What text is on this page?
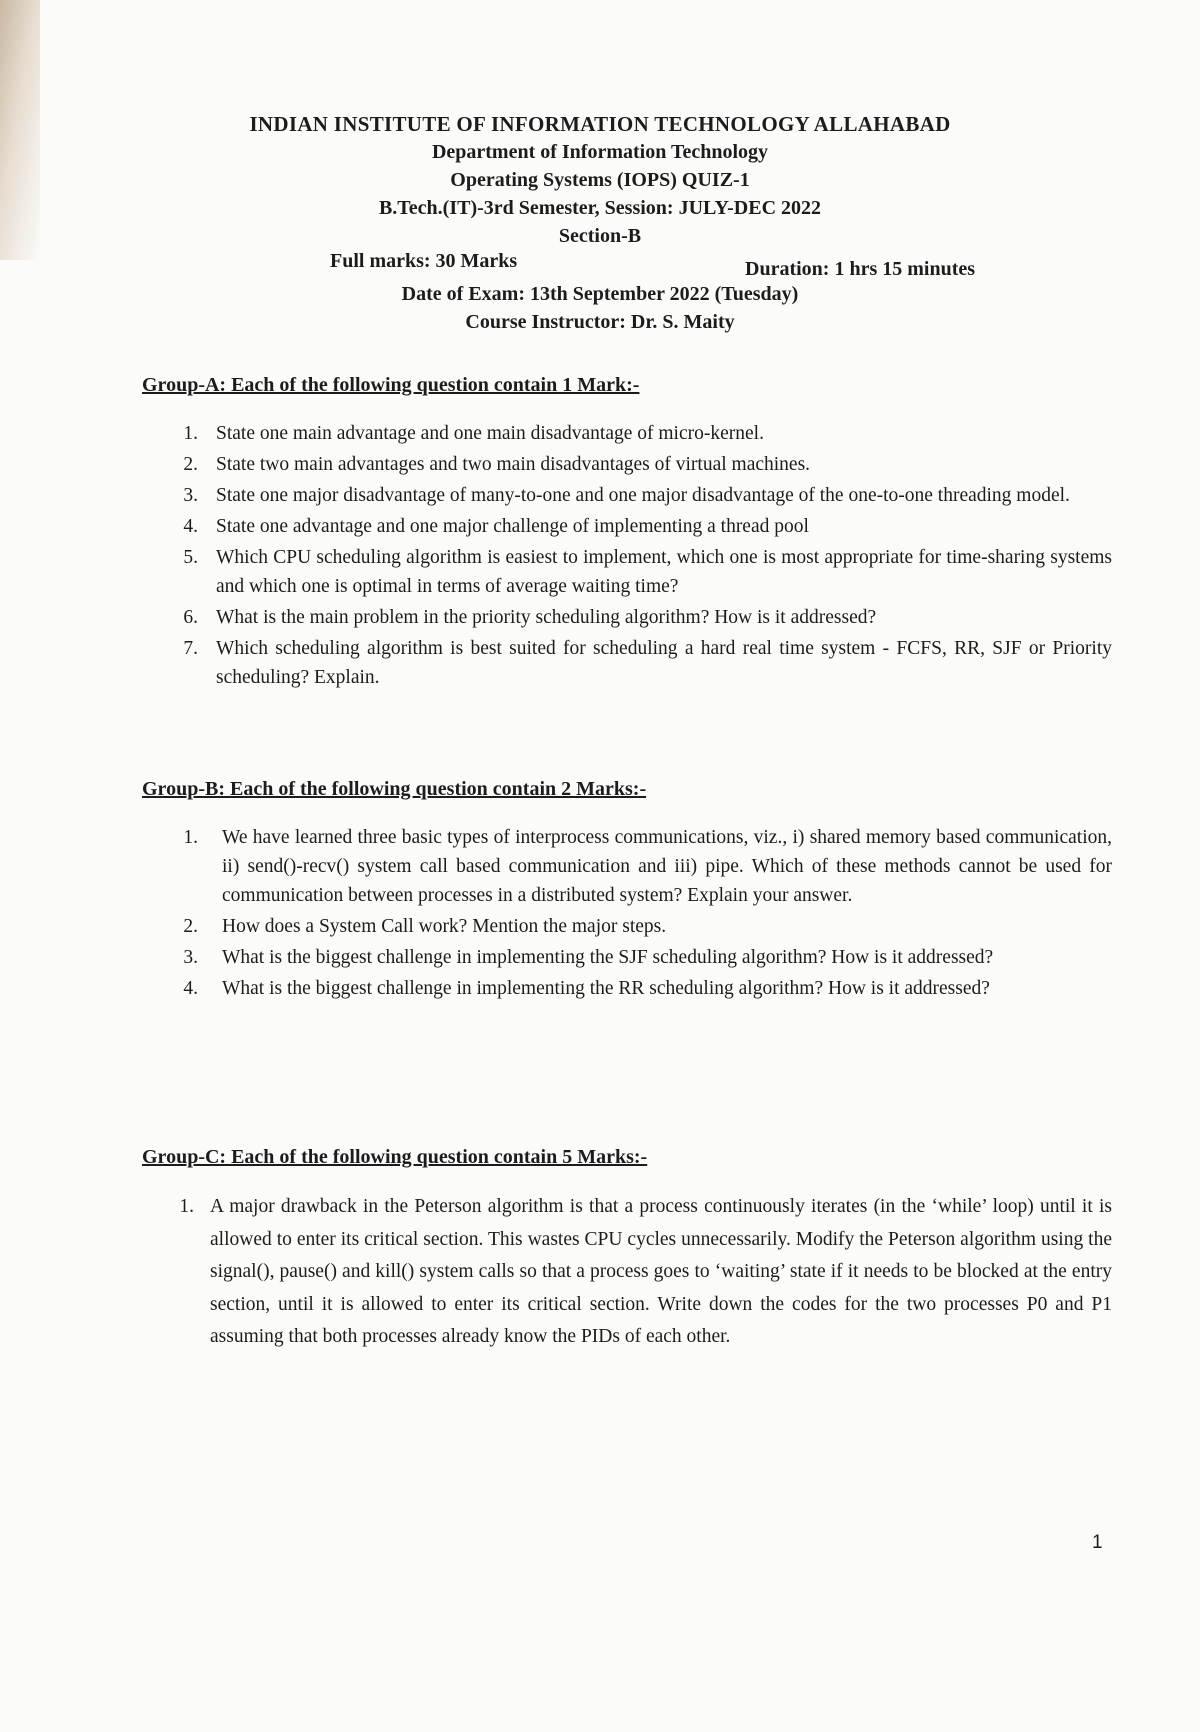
INDIAN INSTITUTE OF INFORMATION TECHNOLOGY ALLAHABAD
Department of Information Technology
Operating Systems (IOPS) QUIZ-1
B.Tech.(IT)-3rd Semester, Session: JULY-DEC 2022
Section-B
Full marks: 30 Marks	Duration: 1 hrs 15 minutes
Date of Exam: 13th September 2022 (Tuesday)
Course Instructor: Dr. S. Maity
Group-A: Each of the following question contain 1 Mark:-
1. State one main advantage and one main disadvantage of micro-kernel.
2. State two main advantages and two main disadvantages of virtual machines.
3. State one major disadvantage of many-to-one and one major disadvantage of the one-to-one threading model.
4. State one advantage and one major challenge of implementing a thread pool
5. Which CPU scheduling algorithm is easiest to implement, which one is most appropriate for time-sharing systems and which one is optimal in terms of average waiting time?
6. What is the main problem in the priority scheduling algorithm? How is it addressed?
7. Which scheduling algorithm is best suited for scheduling a hard real time system - FCFS, RR, SJF or Priority scheduling? Explain.
Group-B: Each of the following question contain 2 Marks:-
1. We have learned three basic types of interprocess communications, viz., i) shared memory based communication, ii) send()-recv() system call based communication and iii) pipe. Which of these methods cannot be used for communication between processes in a distributed system? Explain your answer.
2. How does a System Call work? Mention the major steps.
3. What is the biggest challenge in implementing the SJF scheduling algorithm? How is it addressed?
4. What is the biggest challenge in implementing the RR scheduling algorithm? How is it addressed?
Group-C: Each of the following question contain 5 Marks:-
1. A major drawback in the Peterson algorithm is that a process continuously iterates (in the ‘while’ loop) until it is allowed to enter its critical section. This wastes CPU cycles unnecessarily. Modify the Peterson algorithm using the signal(), pause() and kill() system calls so that a process goes to ‘waiting’ state if it needs to be blocked at the entry section, until it is allowed to enter its critical section. Write down the codes for the two processes P0 and P1 assuming that both processes already know the PIDs of each other.
1
